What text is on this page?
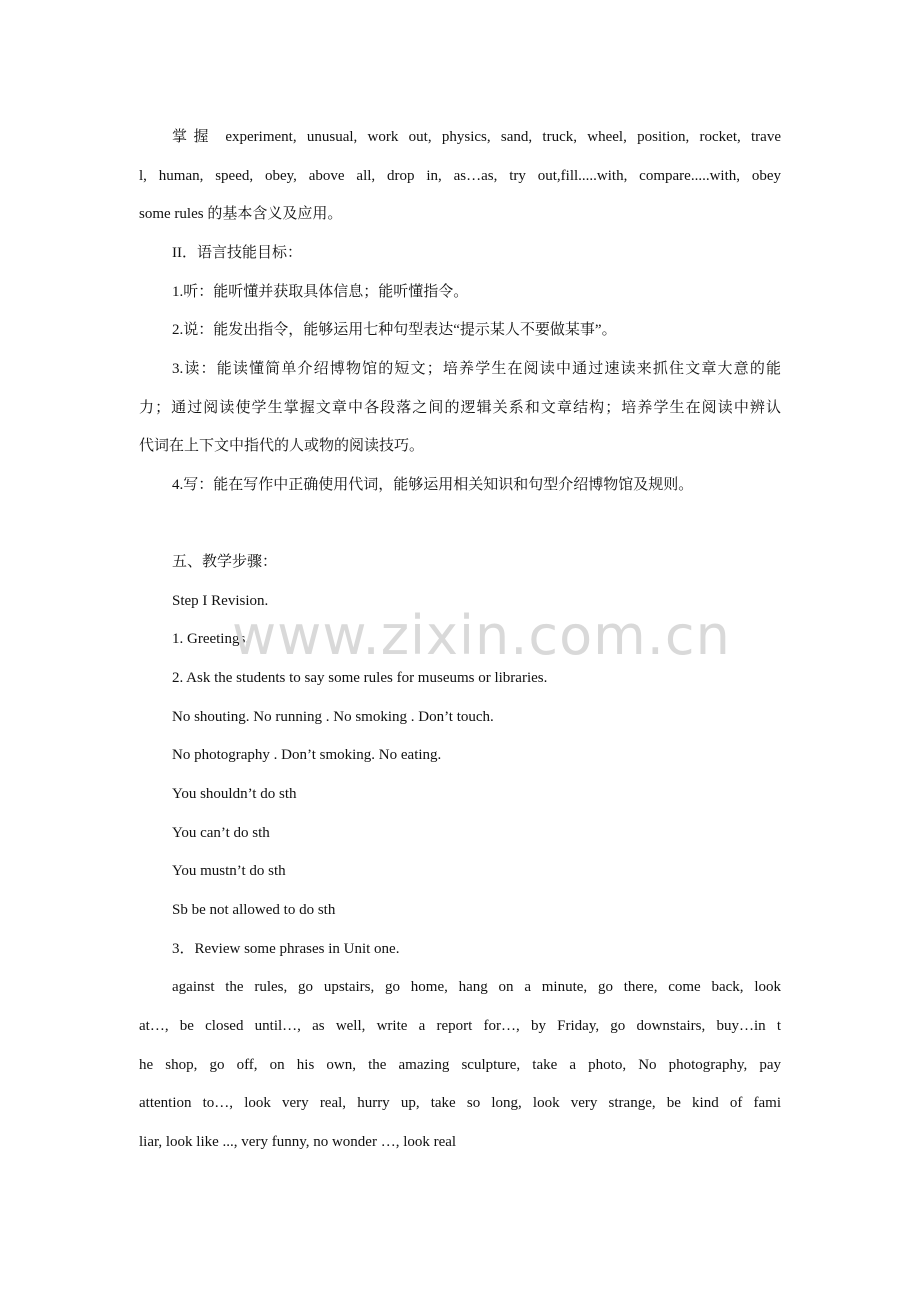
掌握 experiment, unusual, work out, physics, sand, truck, wheel, position, rocket, trave
l, human, speed, obey, above all, drop in, as…as, try out,fill.....with, compare.....with, obey
some rules 的基本含义及应用。
II．语言技能目标：
1.听：能听懂并获取具体信息；能听懂指令。
2.说：能发出指令，能够运用七种句型表达“提示某人不要做某事”。
3.读：能读懂简单介绍博物馆的短文；培养学生在阅读中通过速读来抓住文章大意的能
力；通过阅读使学生掌握文章中各段落之间的逻辑关系和文章结构；培养学生在阅读中辨认
代词在上下文中指代的人或物的阅读技巧。
4.写：能在写作中正确使用代词，能够运用相关知识和句型介绍博物馆及规则。
五、教学步骤：
Step I Revision.
1. Greetings.
2. Ask the students to say some rules for museums or libraries.
No shouting. No running . No smoking . Don’t touch.
No photography . Don’t smoking. No eating.
You shouldn’t do sth
You can’t do sth
You mustn’t do sth
Sb be not allowed to do sth
3．Review some phrases in Unit one.
against the rules, go upstairs, go home, hang on a minute, go there, come back, look
at…, be closed until…, as well, write a report for…, by Friday, go downstairs, buy…in t
he shop, go off, on his own, the amazing sculpture, take a photo, No photography, pay
attention to…, look very real, hurry up, take so long, look very strange, be kind of fami
liar, look like ..., very funny, no wonder …, look real
www.zixin.com.cn
